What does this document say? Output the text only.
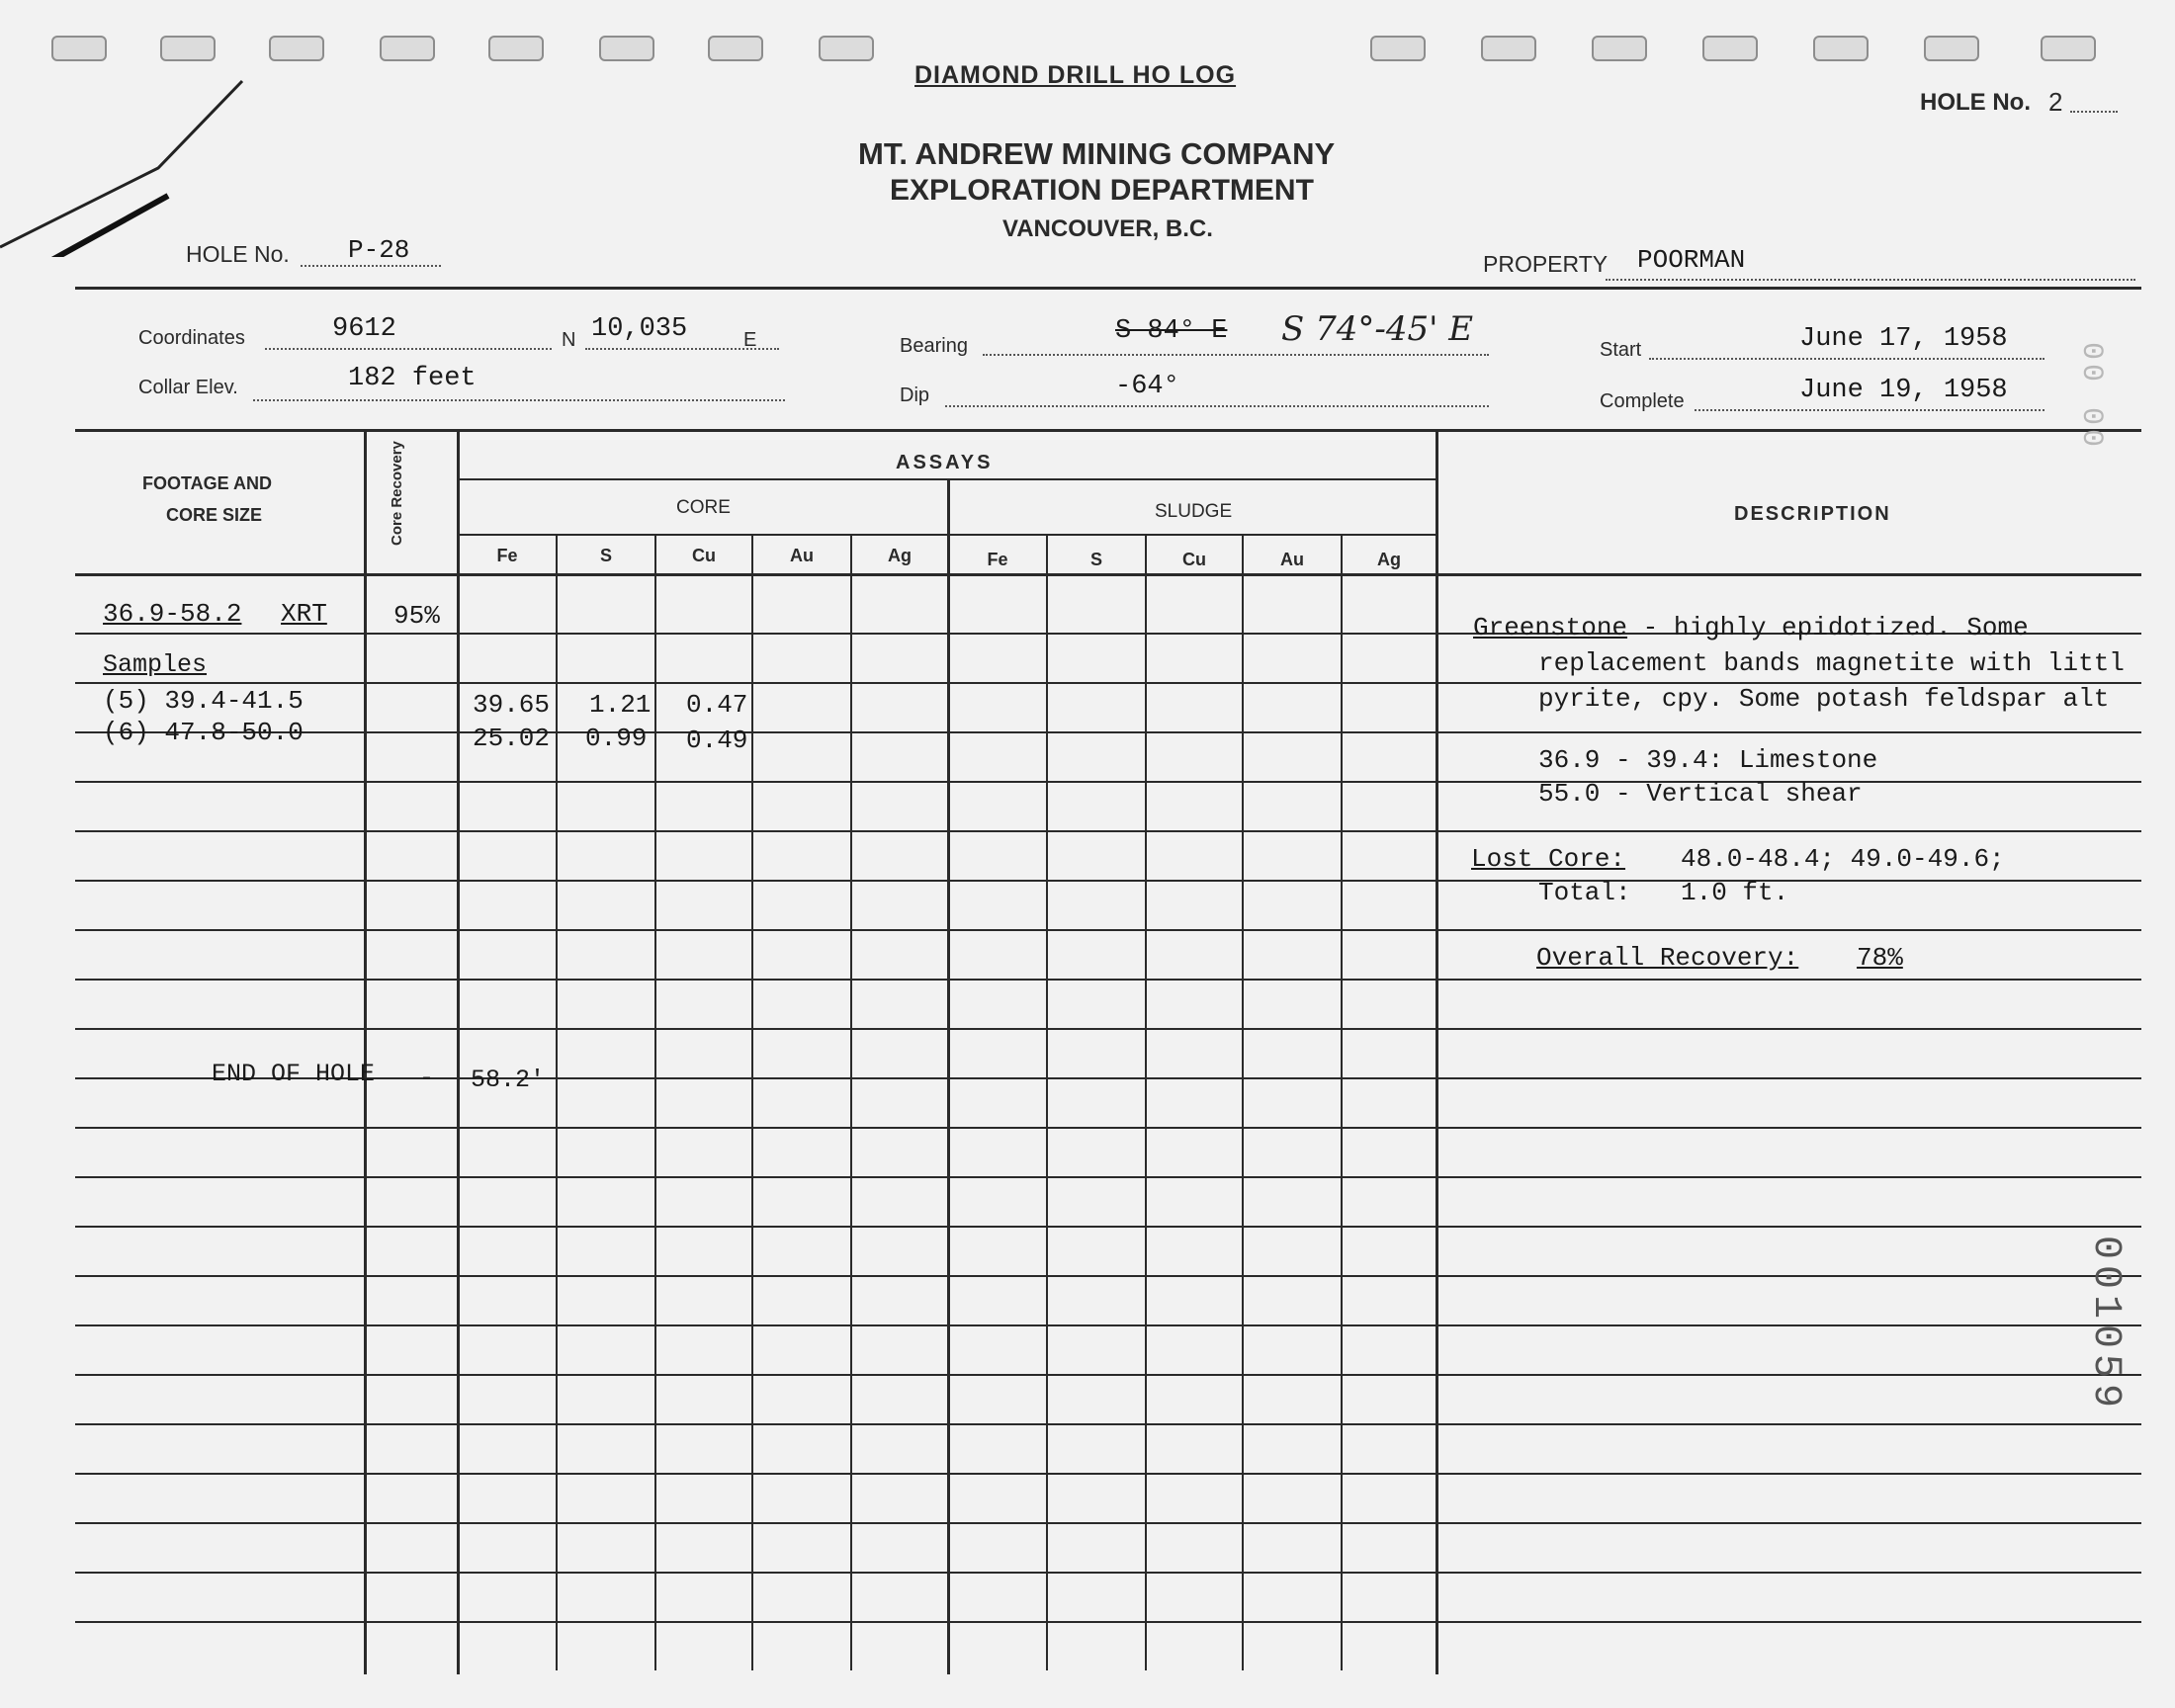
DIAMOND DRILL HO LOG
HOLE No. 2
MT. ANDREW MINING COMPANY
EXPLORATION DEPARTMENT
VANCOUVER, B.C.
HOLE No. P-28	PROPERTY POORMAN
Coordinates	9612	N 10,035	E
Collar Elev.	182 feet
Bearing	S 84° E S 74°-45' E
Dip	-64°
Start	June 17, 1958
Complete	June 19, 1958
FOOTAGE AND
CORE SIZE	Core Recovery	ASSAYS
CORE	SLUDGE	DESCRIPTION
Fe	S	Cu	Au	Ag	Fe	S	Cu	Au	Ag
36.9-58.2 XRT	95%
Samples
(5) 39.4-41.5	39.65 1.21 0.47
(6) 47.8-50.0	25.02 0.99 0.49
END OF HOLE - 58.2'
Greenstone - highly epidotized. Some
replacement bands magnetite with littl
pyrite, cpy. Some potash feldspar alt
36.9 - 39.4: Limestone
55.0 - Vertical shear
Lost Core: 48.0-48.4; 49.0-49.6;
Total: 1.0 ft.
Overall Recovery: 78%
001059
00 00
